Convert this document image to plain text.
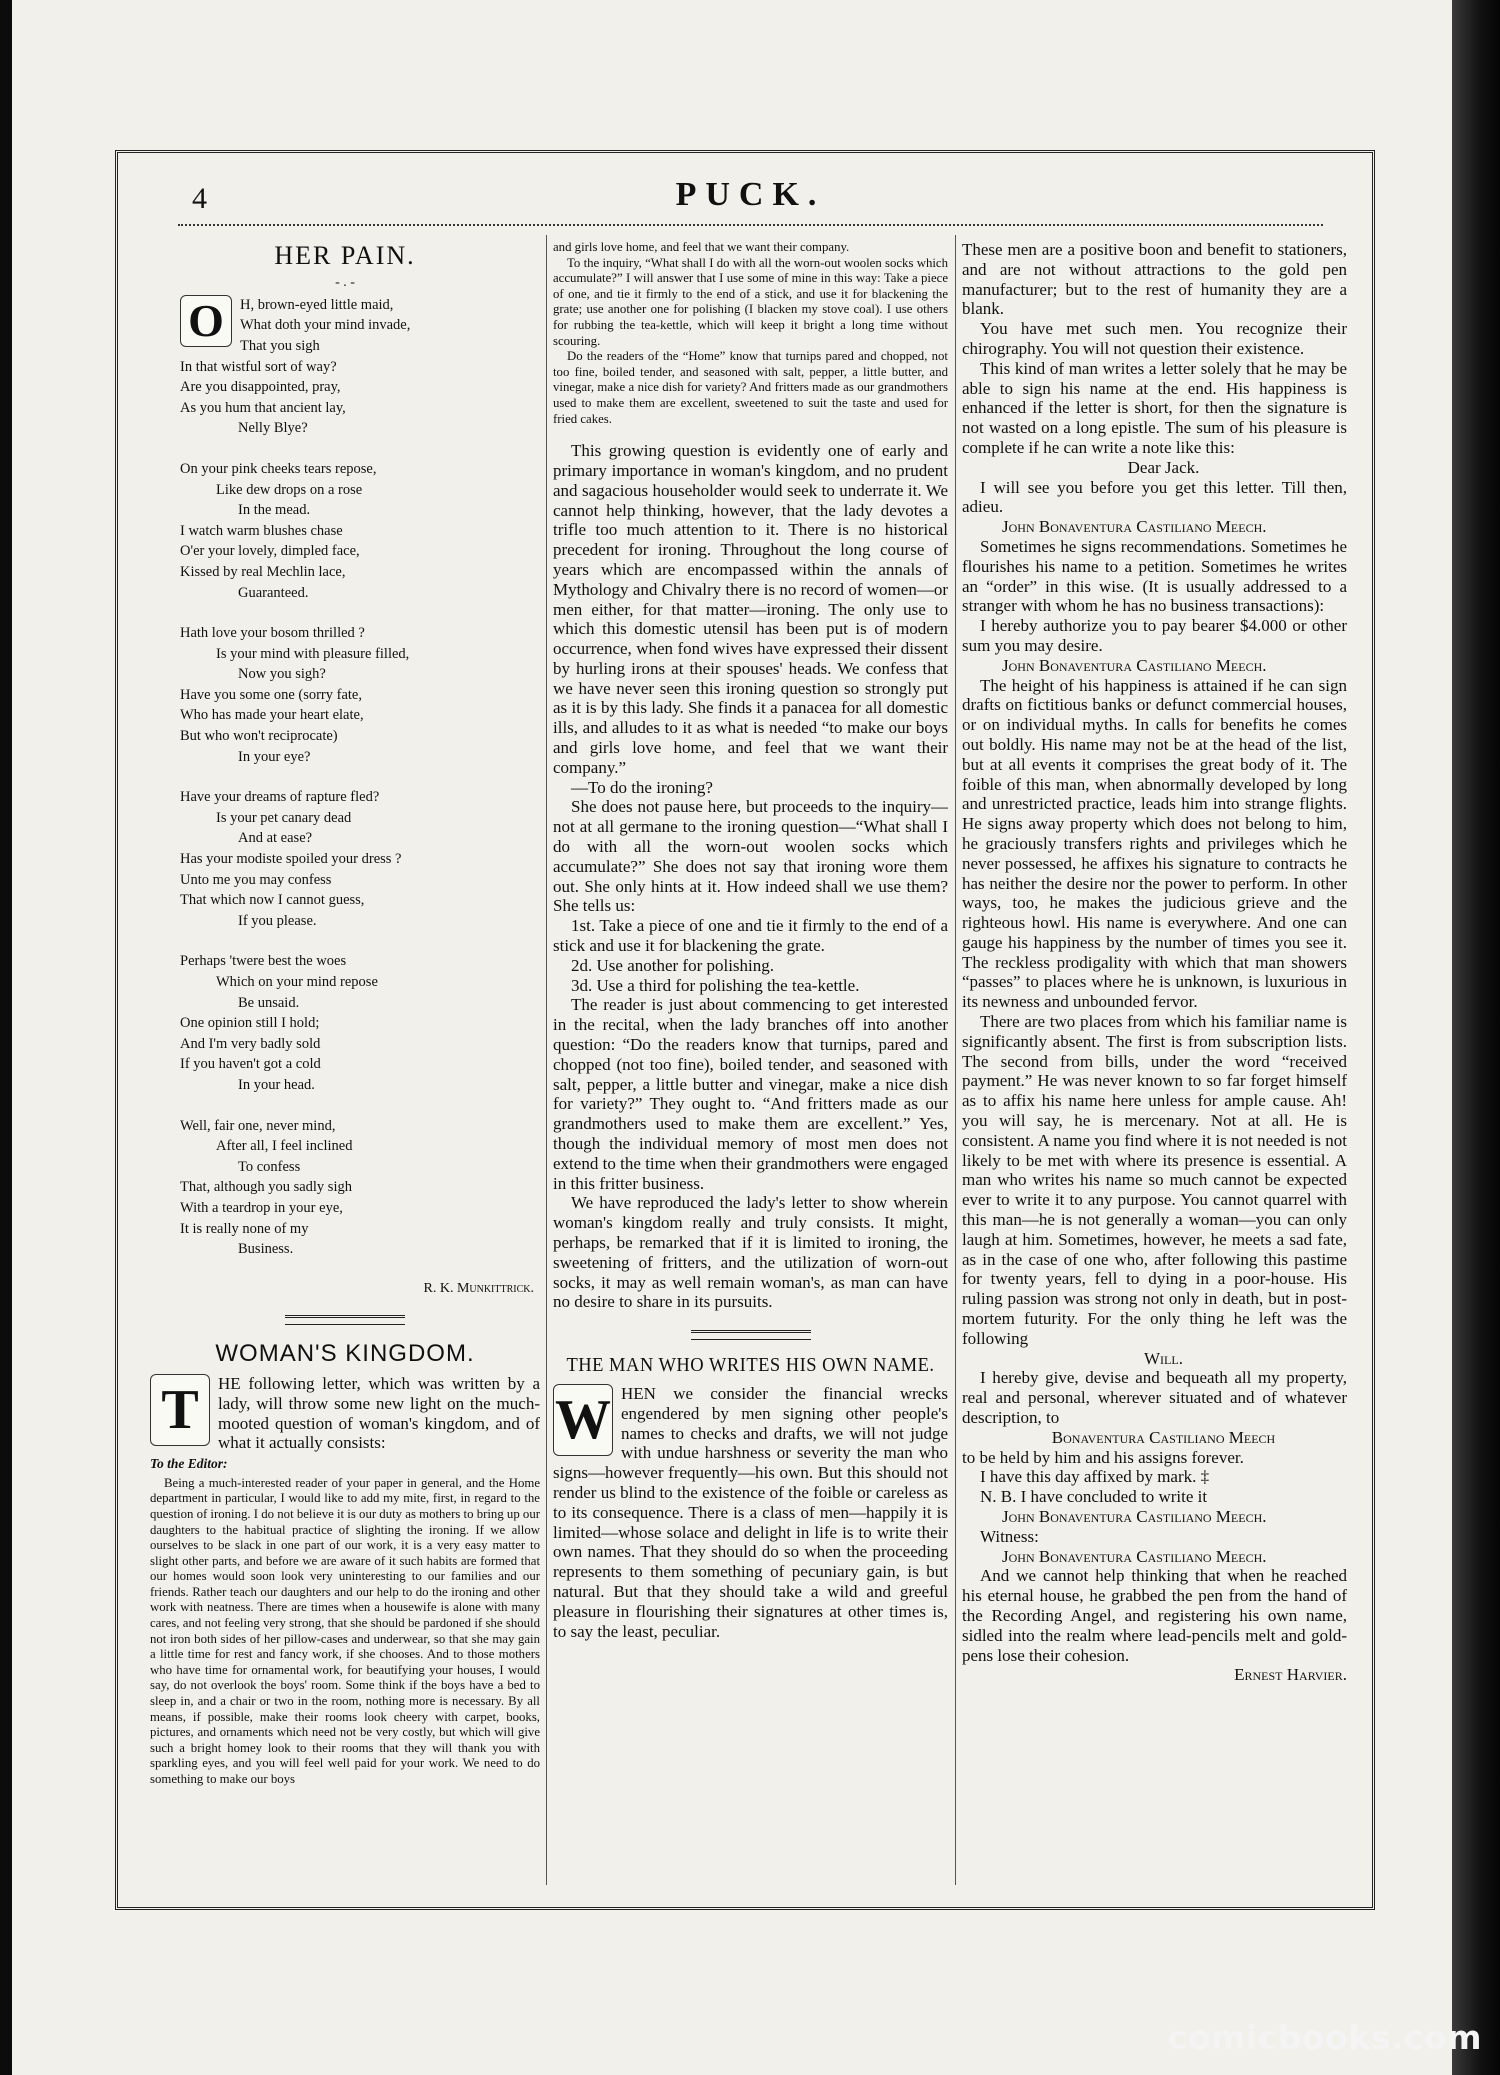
4	PUCK.
HER PAIN.
- . -
O	H, brown-eyed little maid,
What doth your mind invade,
That you sigh
In that wistful sort of way?
Are you disappointed, pray,
As you hum that ancient lay,
Nelly Blye?
On your pink cheeks tears repose,
Like dew drops on a rose
In the mead.
I watch warm blushes chase
O'er your lovely, dimpled face,
Kissed by real Mechlin lace,
Guaranteed.
Hath love your bosom thrilled ?
Is your mind with pleasure filled,
Now you sigh?
Have you some one (sorry fate,
Who has made your heart elate,
But who won't reciprocate)
In your eye?
Have your dreams of rapture fled?
Is your pet canary dead
And at ease?
Has your modiste spoiled your dress ?
Unto me you may confess
That which now I cannot guess,
If you please.
Perhaps 'twere best the woes
Which on your mind repose
Be unsaid.
One opinion still I hold;
And I'm very badly sold
If you haven't got a cold
In your head.
Well, fair one, never mind,
After all, I feel inclined
To confess
That, although you sadly sigh
With a teardrop in your eye,
It is really none of my
Business.
R. K. Munkittrick.
WOMAN'S KINGDOM.
T	HE following letter, which was written by a lady, will throw some new light on the much-mooted question of woman's kingdom, and of what it actually consists:
To the Editor:

Being a much-interested reader of your paper in general, and the Home department in particular, I would like to add my mite, first, in regard to the question of ironing. I do not believe it is our duty as mothers to bring up our daughters to the habitual practice of slighting the ironing. If we allow ourselves to be slack in one part of our work, it is a very easy matter to slight other parts, and before we are aware of it such habits are formed that our homes would soon look very uninteresting to our families and our friends. Rather teach our daughters and our help to do the ironing and other work with neatness. There are times when a housewife is alone with many cares, and not feeling very strong, that she should be pardoned if she should not iron both sides of her pillow-cases and underwear, so that she may gain a little time for rest and fancy work, if she chooses. And to those mothers who have time for ornamental work, for beautifying your houses, I would say, do not overlook the boys' room. Some think if the boys have a bed to sleep in, and a chair or two in the room, nothing more is necessary. By all means, if possible, make their rooms look cheery with carpet, books, pictures, and ornaments which need not be very costly, but which will give such a bright homey look to their rooms that they will thank you with sparkling eyes, and you will feel well paid for your work. We need to do something to make our boys

and girls love home, and feel that we want their company.

To the inquiry, “What shall I do with all the worn-out woolen socks which accumulate?” I will answer that I use some of mine in this way: Take a piece of one, and tie it firmly to the end of a stick, and use it for blackening the grate; use another one for polishing (I blacken my stove coal). I use others for rubbing the tea-kettle, which will keep it bright a long time without scouring.

Do the readers of the “Home” know that turnips pared and chopped, not too fine, boiled tender, and seasoned with salt, pepper, a little butter, and vinegar, make a nice dish for variety? And fritters made as our grandmothers used to make them are excellent, sweetened to suit the taste and used for fried cakes.

This growing question is evidently one of early and primary importance in woman's kingdom, and no prudent and sagacious householder would seek to underrate it. We cannot help thinking, however, that the lady devotes a trifle too much attention to it. There is no historical precedent for ironing. Throughout the long course of years which are encompassed within the annals of Mythology and Chivalry there is no record of women—or men either, for that matter—ironing. The only use to which this domestic utensil has been put is of modern occurrence, when fond wives have expressed their dissent by hurling irons at their spouses' heads. We confess that we have never seen this ironing question so strongly put as it is by this lady. She finds it a panacea for all domestic ills, and alludes to it as what is needed “to make our boys and girls love home, and feel that we want their company.”

—To do the ironing?

She does not pause here, but proceeds to the inquiry—not at all germane to the ironing question—“What shall I do with all the worn-out woolen socks which accumulate?” She does not say that ironing wore them out. She only hints at it. How indeed shall we use them? She tells us:

1st. Take a piece of one and tie it firmly to the end of a stick and use it for blackening the grate.

2d. Use another for polishing.

3d. Use a third for polishing the tea-kettle.

The reader is just about commencing to get interested in the recital, when the lady branches off into another question: “Do the readers know that turnips, pared and chopped (not too fine), boiled tender, and seasoned with salt, pepper, a little butter and vinegar, make a nice dish for variety?” They ought to. “And fritters made as our grandmothers used to make them are excellent.” Yes, though the individual memory of most men does not extend to the time when their grandmothers were engaged in this fritter business.

We have reproduced the lady's letter to show wherein woman's kingdom really and truly consists. It might, perhaps, be remarked that if it is limited to ironing, the sweetening of fritters, and the utilization of worn-out socks, it may as well remain woman's, as man can have no desire to share in its pursuits.

THE MAN WHO WRITES HIS OWN NAME.
W HEN we consider the financial wrecks engendered by men signing other people's names to checks and drafts, we will not judge with undue harshness or severity the man who signs—however frequently—his own. But this should not render us blind to the existence of the foible or careless as to its consequence. There is a class of men—happily it is limited—whose solace and delight in life is to write their own names. That they should do so when the proceeding represents to them something of pecuniary gain, is but natural. But that they should take a wild and greeful pleasure in flourishing their signatures at other times is, to say the least, peculiar.

These men are a positive boon and benefit to stationers, and are not without attractions to the gold pen manufacturer; but to the rest of humanity they are a blank.

You have met such men. You recognize their chirography. You will not question their existence.

This kind of man writes a letter solely that he may be able to sign his name at the end. His happiness is enhanced if the letter is short, for then the signature is not wasted on a long epistle. The sum of his pleasure is complete if he can write a note like this:

Dear Jack.

I will see you before you get this letter. Till then, adieu.

John Bonaventura Castiliano Meech.

Sometimes he signs recommendations. Sometimes he flourishes his name to a petition. Sometimes he writes an “order” in this wise. (It is usually addressed to a stranger with whom he has no business transactions):

I hereby authorize you to pay bearer $4.000 or other sum you may desire.

John Bonaventura Castiliano Meech.

The height of his happiness is attained if he can sign drafts on fictitious banks or defunct commercial houses, or on individual myths. In calls for benefits he comes out boldly. His name may not be at the head of the list, but at all events it comprises the great body of it. The foible of this man, when abnormally developed by long and unrestricted practice, leads him into strange flights. He signs away property which does not belong to him, he graciously transfers rights and privileges which he never possessed, he affixes his signature to contracts he has neither the desire nor the power to perform. In other ways, too, he makes the judicious grieve and the righteous howl. His name is everywhere. And one can gauge his happiness by the number of times you see it. The reckless prodigality with which that man showers “passes” to places where he is unknown, is luxurious in its newness and unbounded fervor.

There are two places from which his familiar name is significantly absent. The first is from subscription lists. The second from bills, under the word “received payment.” He was never known to so far forget himself as to affix his name here unless for ample cause. Ah! you will say, he is mercenary. Not at all. He is consistent. A name you find where it is not needed is not likely to be met with where its presence is essential. A man who writes his name so much cannot be expected ever to write it to any purpose. You cannot quarrel with this man—he is not generally a woman—you can only laugh at him. Sometimes, however, he meets a sad fate, as in the case of one who, after following this pastime for twenty years, fell to dying in a poor-house. His ruling passion was strong not only in death, but in post-mortem futurity. For the only thing he left was the following

Will.

I hereby give, devise and bequeath all my property, real and personal, wherever situated and of whatever description, to

Bonaventura Castiliano Meech

to be held by him and his assigns forever.

I have this day affixed by mark. ‡

N. B. I have concluded to write it

John Bonaventura Castiliano Meech.

Witness:

John Bonaventura Castiliano Meech.

And we cannot help thinking that when he reached his eternal house, he grabbed the pen from the hand of the Recording Angel, and registering his own name, sidled into the realm where lead-pencils melt and gold-pens lose their cohesion.

Ernest Harvier.
comicbooks.com
